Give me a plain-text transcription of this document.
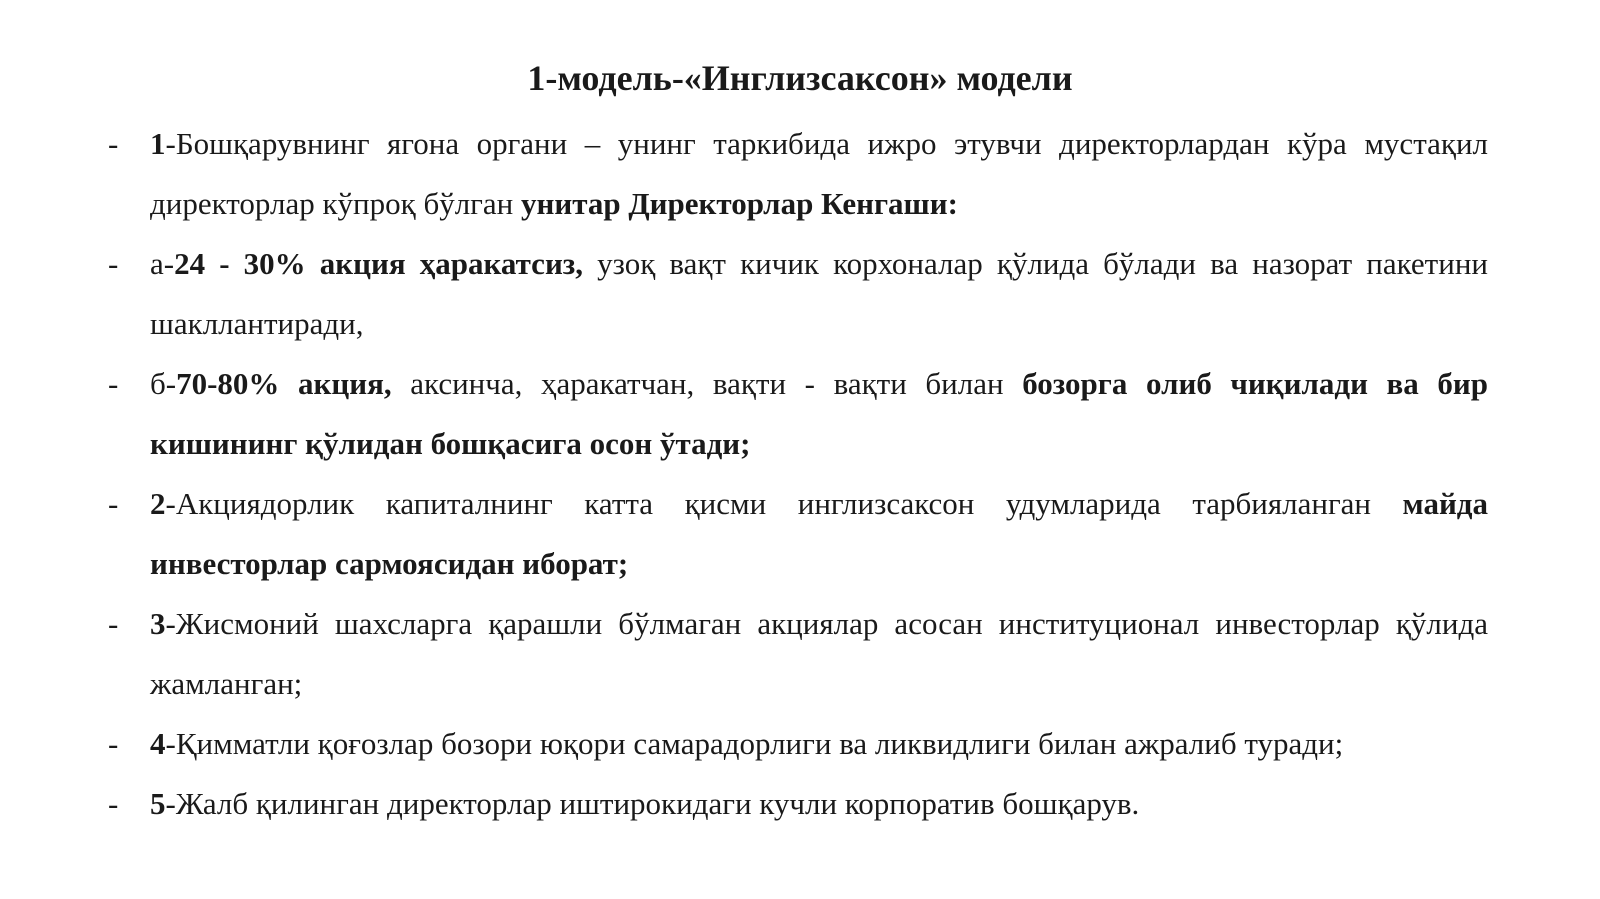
1-модель-«Инглизсаксон» модели
-	1-Бошқарувнинг ягона органи – унинг таркибида ижро этувчи директорлардан кўра мустақил директорлар кўпроқ бўлган унитар Директорлар Кенгаши:
-	а-24 - 30% акция ҳаракатсиз, узоқ вақт кичик корхоналар қўлида бўлади ва назорат пакетини шакллантиради,
-	б-70-80% акция, аксинча, ҳаракатчан, вақти - вақти билан бозорга олиб чиқилади ва бир кишининг қўлидан бошқасига осон ўтади;
-	2-Акциядорлик капиталнинг катта қисми инглизсаксон удумларида тарбияланган майда инвесторлар сармоясидан иборат;
-	3-Жисмоний шахсларга қарашли бўлмаган акциялар асосан институционал инвесторлар қўлида жамланган;
-	4-Қимматли қоғозлар бозори юқори самарадорлиги ва ликвидлиги билан ажралиб туради;
-	5-Жалб қилинган директорлар иштирокидаги кучли корпоратив бошқарув.
